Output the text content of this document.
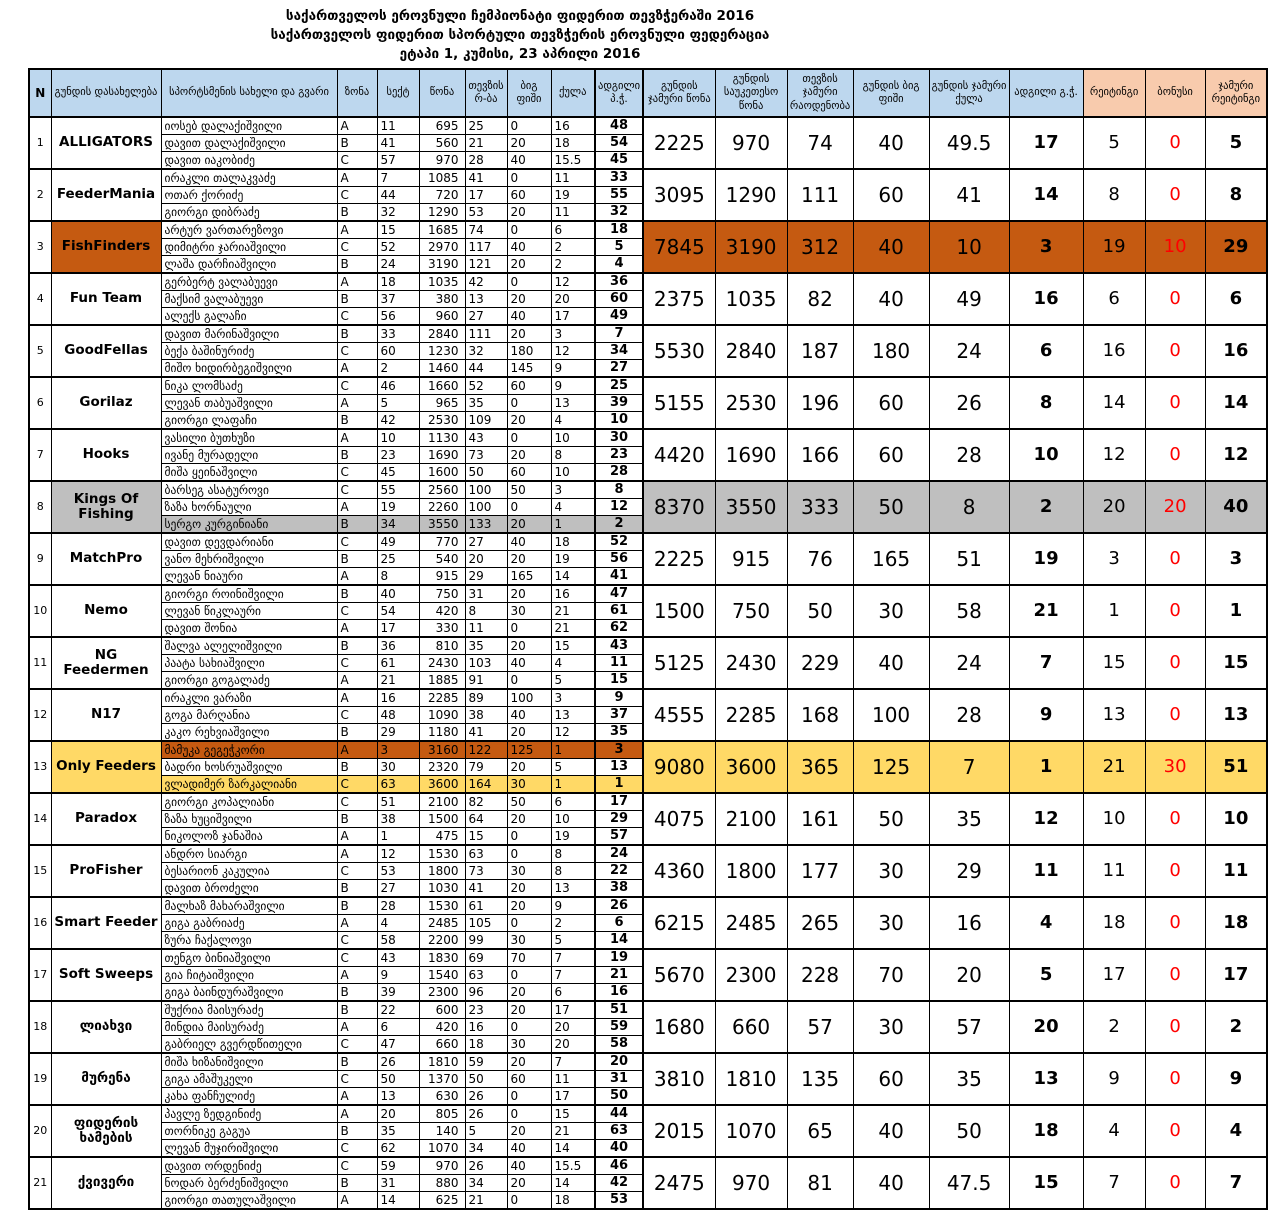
საქართველოს ეროვნული ჩემპიონატი ფიდერით თევზჭერაში 2016
საქართველოს ფიდერით სპორტული თევზჭერის ეროვნული ფედერაცია
ეტაპი 1, კუმისი, 23 აპრილი 2016
N	გუნდის დასახელება	სპორტსმენის სახელი და გვარი	ზონა	სექტ	წონა	თევზის რ-ბა	ბიგ ფიში	ქულა	ადგილი პ.ჭ.	გუნდის ჯამური წონა	გუნდის საუკეთესო წონა	თევზის ჯამური რაოდენობა	გუნდის ბიგ ფიში	გუნდის ჯამური ქულა	ადგილი გ.ჭ.	რეიტინგი	ბონუსი	ჯამური რეიტინგი
1	ALLIGATORS	იოსებ დალაქიშვილი	A	11	695	25	0	16	48	2225	970	74	40	49.5	17	5	0	5
		დავით დალაქიშვილი	B	41	560	21	20	18	54									
		დავით იაკობიძე	C	57	970	28	40	15.5	45									
2	FeederMania	ირაკლი თალაკვაძე	A	7	1085	41	0	11	33	3095	1290	111	60	41	14	8	0	8
		ოთარ ქორიძე	C	44	720	17	60	19	55									
		გიორგი დიბრაძე	B	32	1290	53	20	11	32									
3	FishFinders	არტურ ვართარეზოვი	A	15	1685	74	0	6	18	7845	3190	312	40	10	3	19	10	29
		დიმიტრი ჯარიაშვილი	C	52	2970	117	40	2	5									
		ლაშა დარჩიაშვილი	B	24	3190	121	20	2	4									
4	Fun Team	გერბერტ ვალაბუევი	A	18	1035	42	0	12	36	2375	1035	82	40	49	16	6	0	6
		მაქსიმ ვალაბუევი	B	37	380	13	20	20	60									
		ალექს გალაჩი	C	56	960	27	40	17	49									
5	GoodFellas	დავით მარინაშვილი	B	33	2840	111	20	3	7	5530	2840	187	180	24	6	16	0	16
		ბექა ბაშინურიძე	C	60	1230	32	180	12	34									
		მიშო ხიდირბეგიშვილი	A	2	1460	44	145	9	27									
6	Gorilaz	ნიკა ლომსაძე	C	46	1660	52	60	9	25	5155	2530	196	60	26	8	14	0	14
		ლევან თაბუაშვილი	A	5	965	35	0	13	39									
		გიორგი ლაფაჩი	B	42	2530	109	20	4	10									
7	Hooks	ვასილი ბუთხუზი	A	10	1130	43	0	10	30	4420	1690	166	60	28	10	12	0	12
		ივანე მურადელი	B	23	1690	73	20	8	23									
		მიშა ყეინაშვილი	C	45	1600	50	60	10	28									
8	Kings Of Fishing	ბარსეგ ასატუროვი	C	55	2560	100	50	3	8	8370	3550	333	50	8	2	20	20	40
		ზაზა ხორნაული	A	19	2260	100	0	4	12									
		სერგო კურგინიანი	B	34	3550	133	20	1	2									
9	MatchPro	დავით დევდარიანი	C	49	770	27	40	18	52	2225	915	76	165	51	19	3	0	3
		ვანო მეხრიშვილი	B	25	540	20	20	19	56									
		ლევან ნიაური	A	8	915	29	165	14	41									
10	Nemo	გიორგი როინიშვილი	B	40	750	31	20	16	47	1500	750	50	30	58	21	1	0	1
		ლევან წიკლაური	C	54	420	8	30	21	61									
		დავით შონია	A	17	330	11	0	21	62									
11	NG Feedermen	შალვა ალელიშვილი	B	36	810	35	20	15	43	5125	2430	229	40	24	7	15	0	15
		პაატა სახიაშვილი	C	61	2430	103	40	4	11									
		გიორგი გოგალაძე	A	21	1885	91	0	5	15									
12	N17	ირაკლი ვარაზი	A	16	2285	89	100	3	9	4555	2285	168	100	28	9	13	0	13
		გოგა მარღანია	C	48	1090	38	40	13	37									
		კაკო რეხვიაშვილი	B	29	1180	41	20	12	35									
13	Only Feeders	მამუკა გეგეჭკორი	A	3	3160	122	125	1	3	9080	3600	365	125	7	1	21	30	51
		ბადრი ხოსრუაშვილი	B	30	2320	79	20	5	13									
		ვლადიმერ ზარკალიანი	C	63	3600	164	30	1	1									
14	Paradox	გიორგი კოპალიანი	C	51	2100	82	50	6	17	4075	2100	161	50	35	12	10	0	10
		ზაზა ხუციშვილი	B	38	1500	64	20	10	29									
		ნიკოლოზ ჯანაშია	A	1	475	15	0	19	57									
15	ProFisher	ანდრო სიარგი	A	12	1530	63	0	8	24	4360	1800	177	30	29	11	11	0	11
		ბესარიონ კაკულია	C	53	1800	73	30	8	22									
		დავით ბროძელი	B	27	1030	41	20	13	38									
16	Smart Feeder	მალხაზ მახარაშვილი	B	28	1530	61	20	9	26	6215	2485	265	30	16	4	18	0	18
		გიგა გაბრიაძე	A	4	2485	105	0	2	6									
		ზურა ჩაქალოვი	C	58	2200	99	30	5	14									
17	Soft Sweeps	თენგო ბინიაშვილი	C	43	1830	69	70	7	19	5670	2300	228	70	20	5	17	0	17
		გია ჩიტაიშვილი	A	9	1540	63	0	7	21									
		გიგა ბაინდურაშვილი	B	39	2300	96	20	6	16									
18	ლიახვი	შუქრია მაისურაძე	B	22	600	23	20	17	51	1680	660	57	30	57	20	2	0	2
		მინდია მაისურაძე	A	6	420	16	0	20	59									
		გაბრიელ გვერდწითელი	C	47	660	18	30	20	58									
19	მურენა	მიშა ხიზანიშვილი	B	26	1810	59	20	7	20	3810	1810	135	60	35	13	9	0	9
		გიგა ამაშუკელი	C	50	1370	50	60	11	31									
		კახა ფანჩულიძე	A	13	630	26	0	17	50									
20	ფიდერის ხამების	პავლე ზედგინიძე	A	20	805	26	0	15	44	2015	1070	65	40	50	18	4	0	4
		თორნიკე გაგუა	B	35	140	5	20	21	63									
		ლევან მუჯირიშვილი	C	62	1070	34	40	14	40									
21	ქვივერი	დავით ორდენიძე	C	59	970	26	40	15.5	46	2475	970	81	40	47.5	15	7	0	7
		ნოდარ ბერძენიშვილი	B	31	880	34	20	14	42									
		გიორგი თათულაშვილი	A	14	625	21	0	18	53									
